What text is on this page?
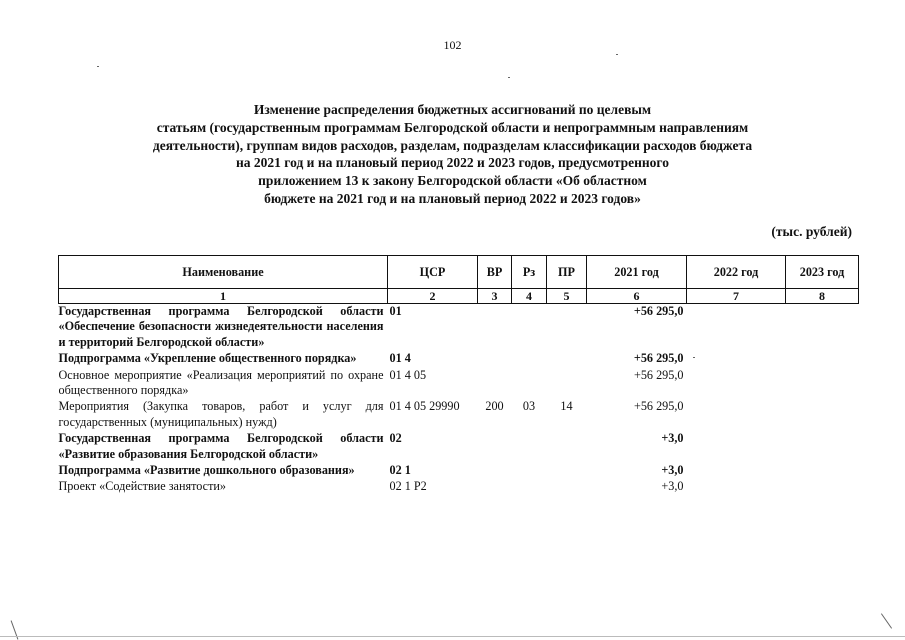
102
Изменение распределения бюджетных ассигнований по целевым
статьям (государственным программам Белгородской области и непрограммным направлениям
деятельности), группам видов расходов, разделам, подразделам классификации расходов бюджета
на 2021 год и на плановый период 2022 и 2023 годов, предусмотренного
приложением 13 к закону Белгородской области «Об областном
бюджете на 2021 год и на плановый период 2022 и 2023 годов»
(тыс. рублей)
Наименование	ЦСР	ВР	Рз	ПР	2021 год	2022 год	2023 год
1	2	3	4	5	6	7	8
Государственная программа Белгородской области «Обеспечение безопасности жизнедеятельности населения и территорий Белгородской области»	01				+56 295,0		
Подпрограмма «Укрепление общественного порядка»	01 4				+56 295,0		
Основное мероприятие «Реализация мероприятий по охране общественного порядка»	01 4 05				+56 295,0		
Мероприятия (Закупка товаров, работ и услуг для государственных (муниципальных) нужд)	01 4 05 29990	200	03	14	+56 295,0		
Государственная программа Белгородской области «Развитие образования Белгородской области»	02				+3,0		
Подпрограмма «Развитие дошкольного образования»	02 1				+3,0		
Проект «Содействие занятости»	02 1 P2				+3,0		
